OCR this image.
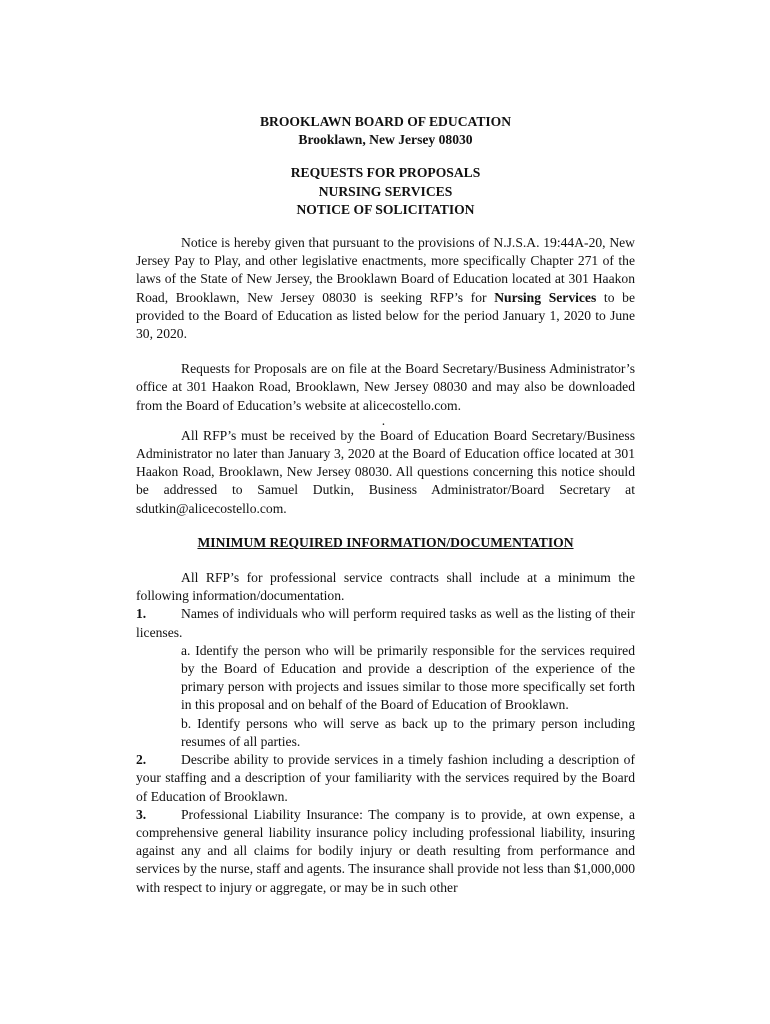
BROOKLAWN BOARD OF EDUCATION
Brooklawn, New Jersey 08030
REQUESTS FOR PROPOSALS
NURSING SERVICES
NOTICE OF SOLICITATION

Notice is hereby given that pursuant to the provisions of N.J.S.A. 19:44A-20, New Jersey Pay to Play, and other legislative enactments, more specifically Chapter 271 of the laws of the State of New Jersey, the Brooklawn Board of Education located at 301 Haakon Road, Brooklawn, New Jersey 08030 is seeking RFP’s for Nursing Services to be provided to the Board of Education as listed below for the period January 1, 2020 to June 30, 2020.

Requests for Proposals are on file at the Board Secretary/Business Administrator’s office at 301 Haakon Road, Brooklawn, New Jersey 08030 and may also be downloaded from the Board of Education’s website at alicecostello.com.

.

All RFP’s must be received by the Board of Education Board Secretary/Business Administrator no later than January 3, 2020 at the Board of Education office located at 301 Haakon Road, Brooklawn, New Jersey 08030. All questions concerning this notice should be addressed to Samuel Dutkin, Business Administrator/Board Secretary at sdutkin@alicecostello.com.

MINIMUM REQUIRED INFORMATION/DOCUMENTATION

All RFP’s for professional service contracts shall include at a minimum the following information/documentation.

1.	Names of individuals who will perform required tasks as well as the listing of their licenses.

a. Identify the person who will be primarily responsible for the services required by the Board of Education and provide a description of the experience of the primary person with projects and issues similar to those more specifically set forth in this proposal and on behalf of the Board of Education of Brooklawn.

b. Identify persons who will serve as back up to the primary person including resumes of all parties.

2.	Describe ability to provide services in a timely fashion including a description of your staffing and a description of your familiarity with the services required by the Board of Education of Brooklawn.

3.	Professional Liability Insurance: The company is to provide, at own expense, a comprehensive general liability insurance policy including professional liability, insuring against any and all claims for bodily injury or death resulting from performance and services by the nurse, staff and agents. The insurance shall provide not less than $1,000,000 with respect to injury or aggregate, or may be in such other
